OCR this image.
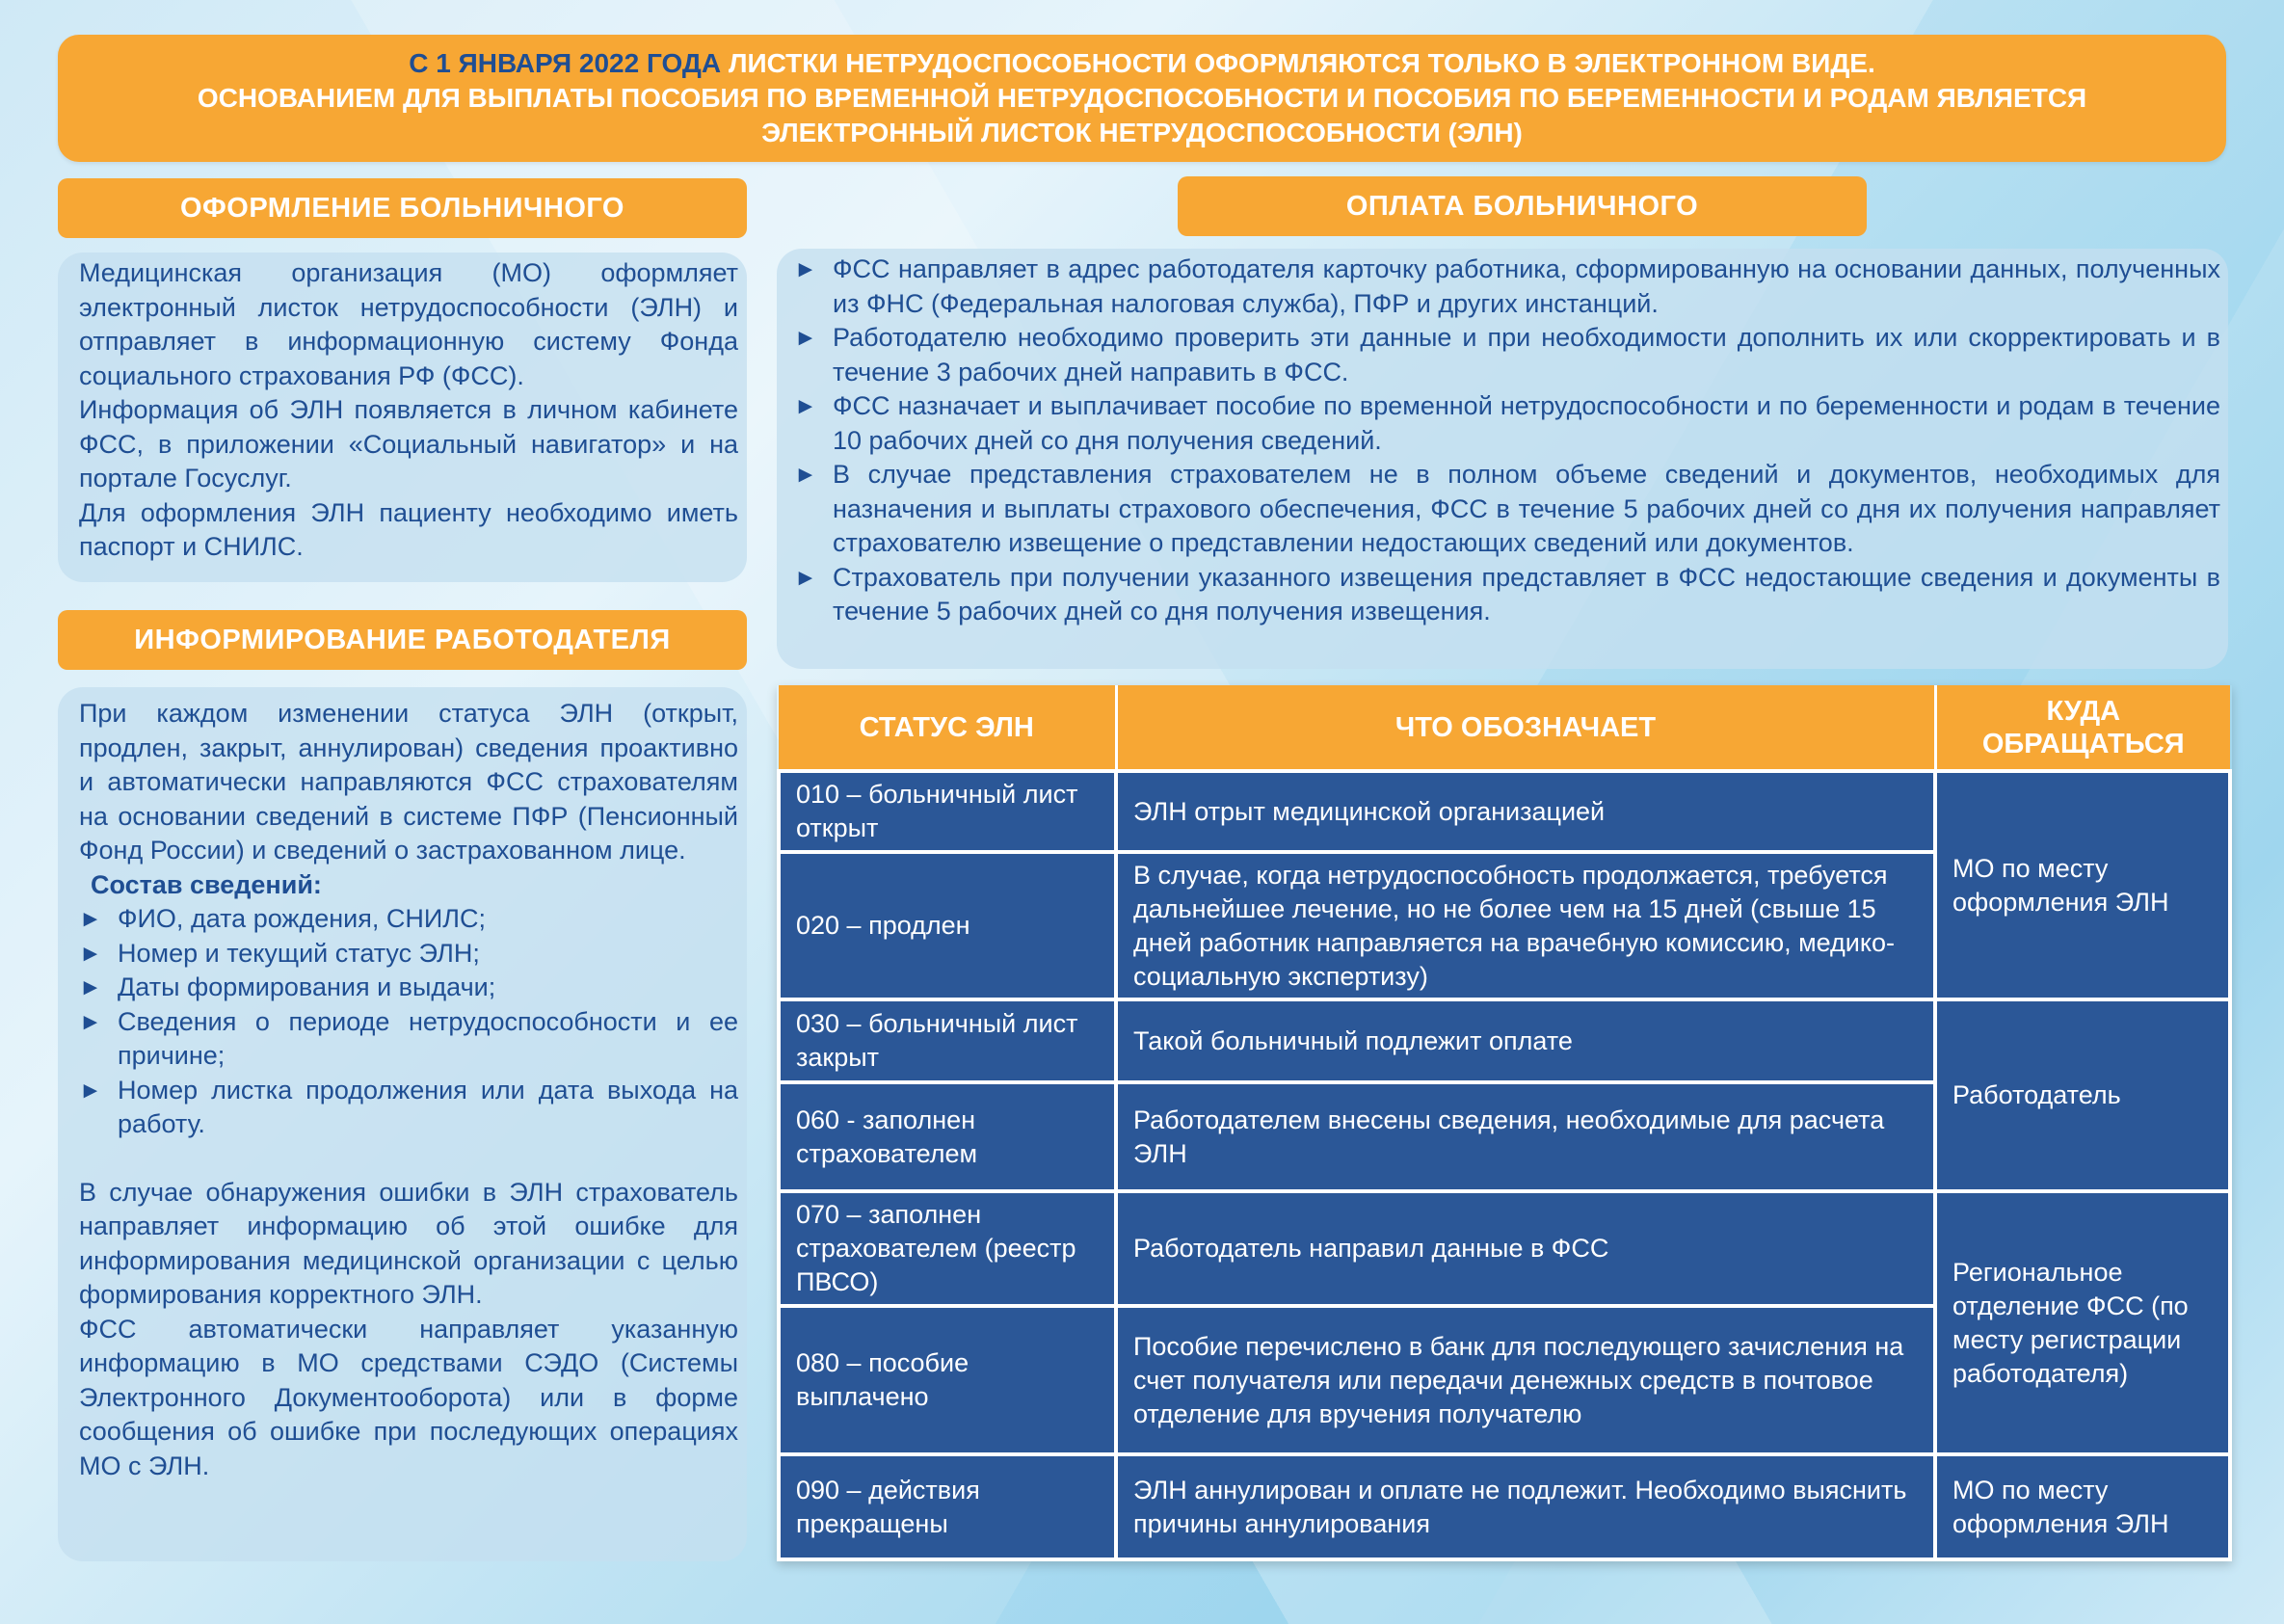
С 1 ЯНВАРЯ 2022 ГОДА ЛИСТКИ НЕТРУДОСПОСОБНОСТИ ОФОРМЛЯЮТСЯ ТОЛЬКО В ЭЛЕКТРОННОМ ВИДЕ.
ОСНОВАНИЕМ ДЛЯ ВЫПЛАТЫ ПОСОБИЯ ПО ВРЕМЕННОЙ НЕТРУДОСПОСОБНОСТИ И ПОСОБИЯ ПО БЕРЕМЕННОСТИ И РОДАМ ЯВЛЯЕТСЯ
ЭЛЕКТРОННЫЙ ЛИСТОК НЕТРУДОСПОСОБНОСТИ (ЭЛН)
ОФОРМЛЕНИЕ БОЛЬНИЧНОГО

Медицинская организация (МО) оформляет электронный листок нетрудоспособности (ЭЛН) и отправляет в информационную систему Фонда социального страхования РФ (ФСС).

Информация об ЭЛН появляется в личном кабинете ФСС, в приложении «Социальный навигатор» и на портале Госуслуг.

Для оформления ЭЛН пациенту необходимо иметь паспорт и СНИЛС.

ИНФОРМИРОВАНИЕ РАБОТОДАТЕЛЯ

При каждом изменении статуса ЭЛН (открыт, продлен, закрыт, аннулирован) сведения проактивно и автоматически направляются ФСС страхователям на основании сведений в системе ПФР (Пенсионный Фонд России) и сведений о застрахованном лице.

Состав сведений:
► ФИО, дата рождения, СНИЛС;
► Номер и текущий статус ЭЛН;
► Даты формирования и выдачи;
► Сведения о периоде нетрудоспособности и ее причине;
► Номер листка продолжения или дата выхода на работу.

В случае обнаружения ошибки в ЭЛН страхователь направляет информацию об этой ошибке для информирования медицинской организации с целью формирования корректного ЭЛН.

ФСС автоматически направляет указанную информацию в МО средствами СЭДО (Системы Электронного Документооборота) или в форме сообщения об ошибке при последующих операциях МО с ЭЛН.

ОПЛАТА БОЛЬНИЧНОГО
► ФСС направляет в адрес работодателя карточку работника, сформированную на основании данных, полученных из ФНС (Федеральная налоговая служба), ПФР и других инстанций.
► Работодателю необходимо проверить эти данные и при необходимости дополнить их или скорректировать и в течение 3 рабочих дней направить в ФСС.
► ФСС назначает и выплачивает пособие по временной нетрудоспособности и по беременности и родам в течение 10 рабочих дней со дня получения сведений.
► В случае представления страхователем не в полном объеме сведений и документов, необходимых для назначения и выплаты страхового обеспечения, ФСС в течение 5 рабочих дней со дня их получения направляет страхователю извещение о представлении недостающих сведений или документов.
► Страхователь при получении указанного извещения представляет в ФСС недостающие сведения и документы в течение 5 рабочих дней со дня получения извещения.
СТАТУС ЭЛН	ЧТО ОБОЗНАЧАЕТ	КУДА ОБРАЩАТЬСЯ
010 – больничный лист открыт	ЭЛН отрыт медицинской организацией	МО по месту оформления ЭЛН
020 – продлен	В случае, когда нетрудоспособность продолжается, требуется дальнейшее лечение, но не более чем на 15 дней (свыше 15 дней работник направляется на врачебную комиссию, медико-социальную экспертизу)	
030 – больничный лист закрыт	Такой больничный подлежит оплате	Работодатель
060 - заполнен страхователем	Работодателем внесены сведения, необходимые для расчета ЭЛН	
070 – заполнен страхователем (реестр ПВСО)	Работодатель направил данные в ФСС	Региональное отделение ФСС (по месту регистрации работодателя)
080 – пособие выплачено	Пособие перечислено в банк для последующего зачисления на счет получателя или передачи денежных средств в почтовое отделение для вручения получателю	
090 – действия прекращены	ЭЛН аннулирован и оплате не подлежит. Необходимо выяснить причины аннулирования	МО по месту оформления ЭЛН
